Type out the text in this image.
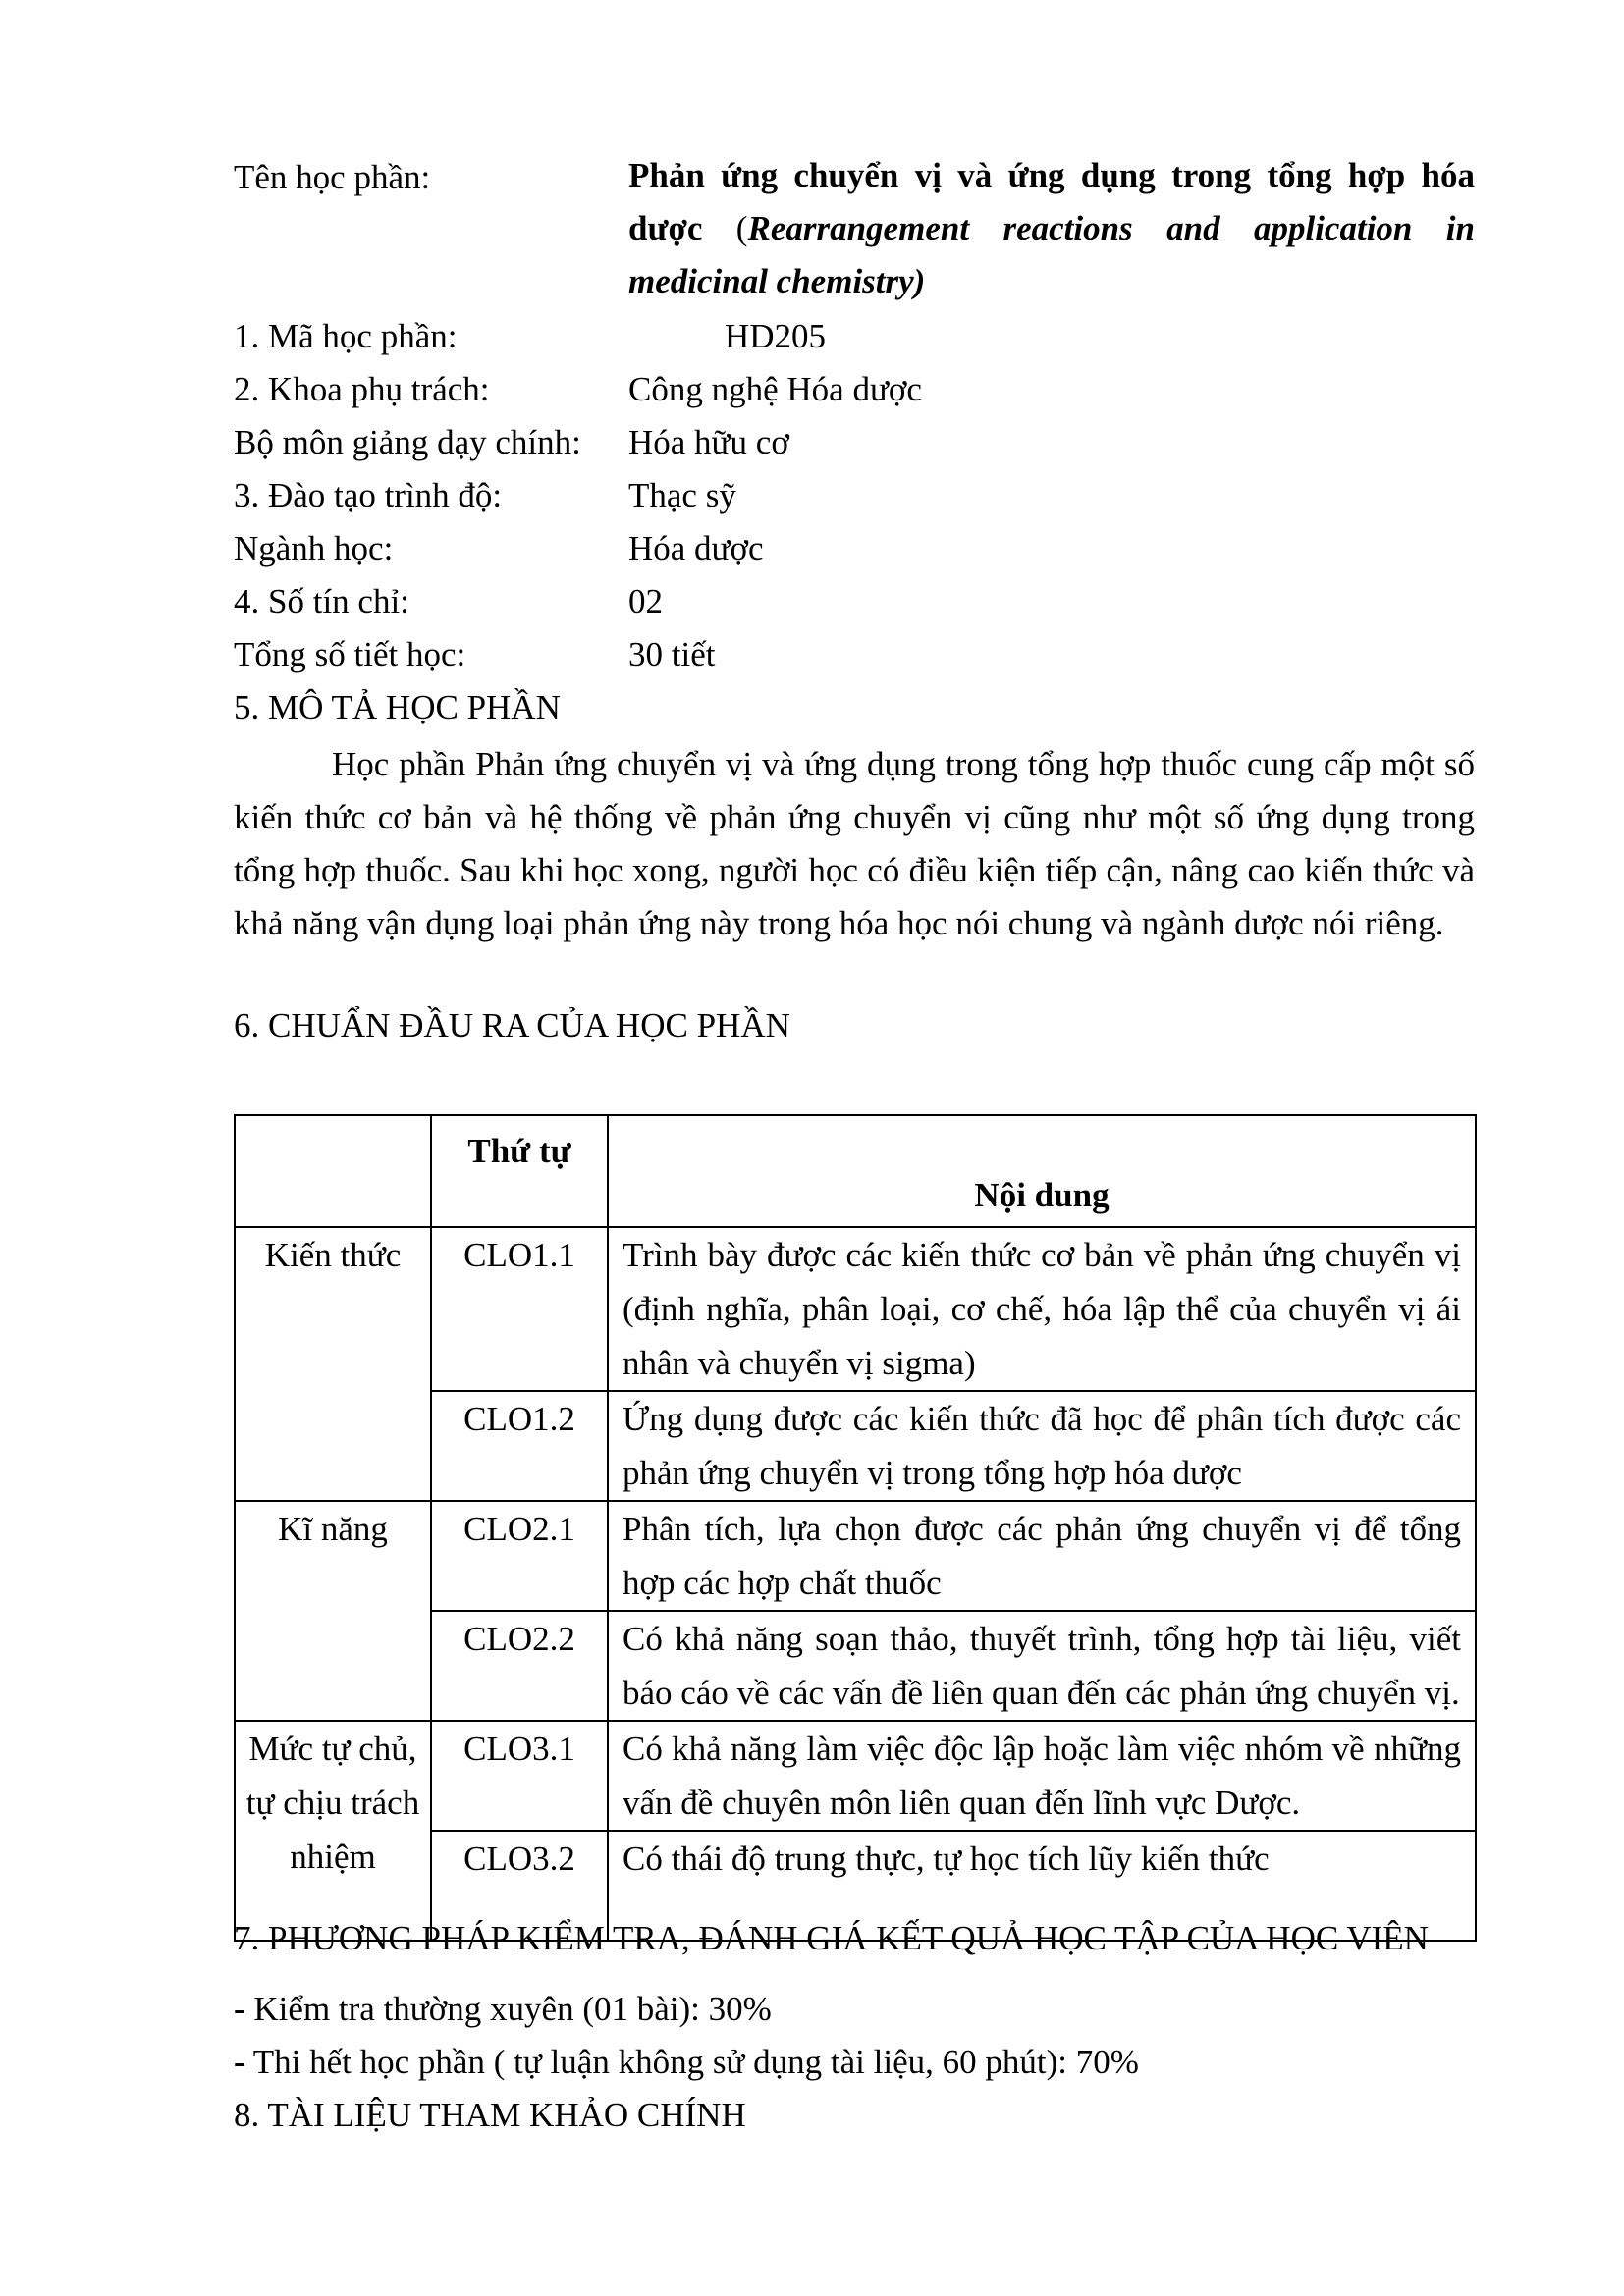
Tên học phần:	Phản ứng chuyển vị và ứng dụng trong tổng hợp hóa dược (Rearrangement reactions and application in medicinal chemistry)
1. Mã học phần:	HD205
2. Khoa phụ trách:	Công nghệ Hóa dược
Bộ môn giảng dạy chính: Hóa hữu cơ
3. Đào tạo trình độ:	Thạc sỹ
Ngành học:	Hóa dược
4. Số tín chỉ:	02
Tổng số tiết học:	30 tiết
5. MÔ TẢ HỌC PHẦN
Học phần Phản ứng chuyển vị và ứng dụng trong tổng hợp thuốc cung cấp một số kiến thức cơ bản và hệ thống về phản ứng chuyển vị cũng như một số ứng dụng trong tổng hợp thuốc. Sau khi học xong, người học có điều kiện tiếp cận, nâng cao kiến thức và khả năng vận dụng loại phản ứng này trong hóa học nói chung và ngành dược nói riêng.
6. CHUẨN ĐẦU RA CỦA HỌC PHẦN
	Thứ tự	Nội dung
Kiến thức	CLO1.1	Trình bày được các kiến thức cơ bản về phản ứng chuyển vị (định nghĩa, phân loại, cơ chế, hóa lập thể của chuyển vị ái nhân và chuyển vị sigma)
	CLO1.2	Ứng dụng được các kiến thức đã học để phân tích được các phản ứng chuyển vị trong tổng hợp hóa dược
Kĩ năng	CLO2.1	Phân tích, lựa chọn được các phản ứng chuyển vị để tổng hợp các hợp chất thuốc
	CLO2.2	Có khả năng soạn thảo, thuyết trình, tổng hợp tài liệu, viết báo cáo về các vấn đề liên quan đến các phản ứng chuyển vị.
Mức tự chủ, tự chịu trách nhiệm	CLO3.1	Có khả năng làm việc độc lập hoặc làm việc nhóm về những vấn đề chuyên môn liên quan đến lĩnh vực Dược.
	CLO3.2	Có thái độ trung thực, tự học tích lũy kiến thức
7. PHƯƠNG PHÁP KIỂM TRA, ĐÁNH GIÁ KẾT QUẢ HỌC TẬP CỦA HỌC VIÊN
- Kiểm tra thường xuyên (01 bài): 30%
- Thi hết học phần ( tự luận không sử dụng tài liệu, 60 phút): 70%
8. TÀI LIỆU THAM KHẢO CHÍNH
